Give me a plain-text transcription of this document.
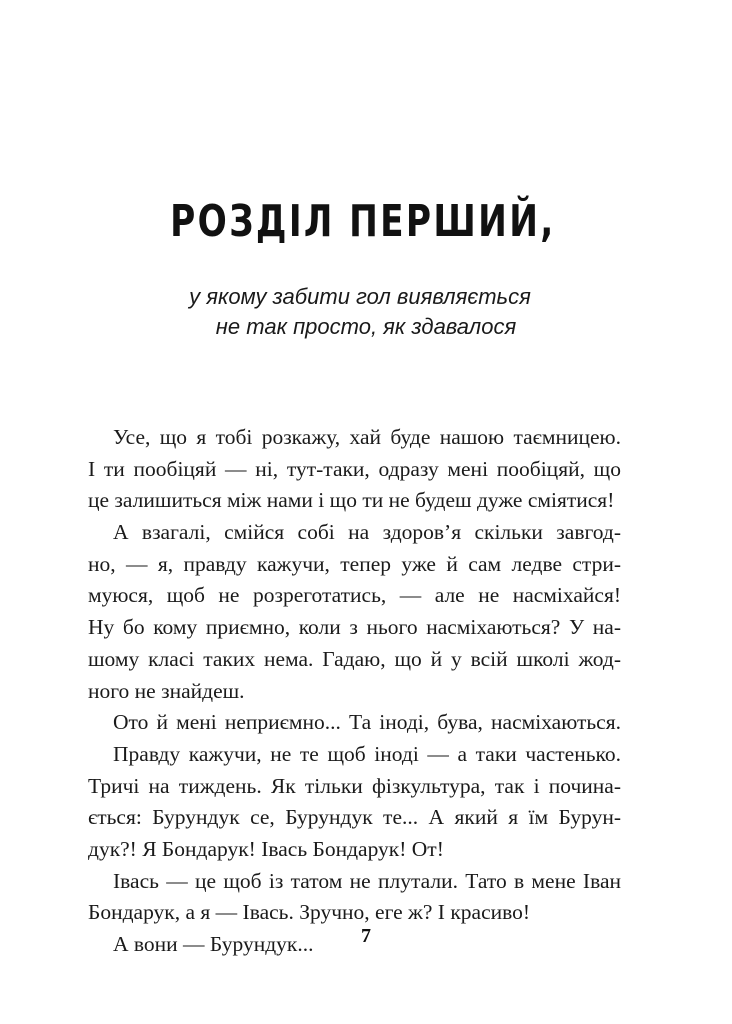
РОЗДІЛ ПЕРШИЙ,
у якому забити гол виявляється
не так просто, як здавалося
Усе, що я тобі розкажу, хай буде нашою таємницею.
І ти пообіцяй — ні, тут-таки, одразу мені пообіцяй, що
це залишиться між нами і що ти не будеш дуже сміятися!
А взагалі, смійся собі на здоров’я скільки завгод-
но, — я, правду кажучи, тепер уже й сам ледве стри-
муюся, щоб не розреготатись, — але не насміхайся!
Ну бо кому приємно, коли з нього насміхаються? У на-
шому класі таких нема. Гадаю, що й у всій школі жод-
ного не знайдеш.
Ото й мені неприємно... Та іноді, бува, насміхаються.
Правду кажучи, не те щоб іноді — а таки частенько.
Тричі на тиждень. Як тільки фізкультура, так і почина-
ється: Бурундук се, Бурундук те... А який я їм Бурун-
дук?! Я Бондарук! Івась Бондарук! От!
Івась — це щоб із татом не плутали. Тато в мене Іван
Бондарук, а я — Івась. Зручно, еге ж? І красиво!
А вони — Бурундук...	7
